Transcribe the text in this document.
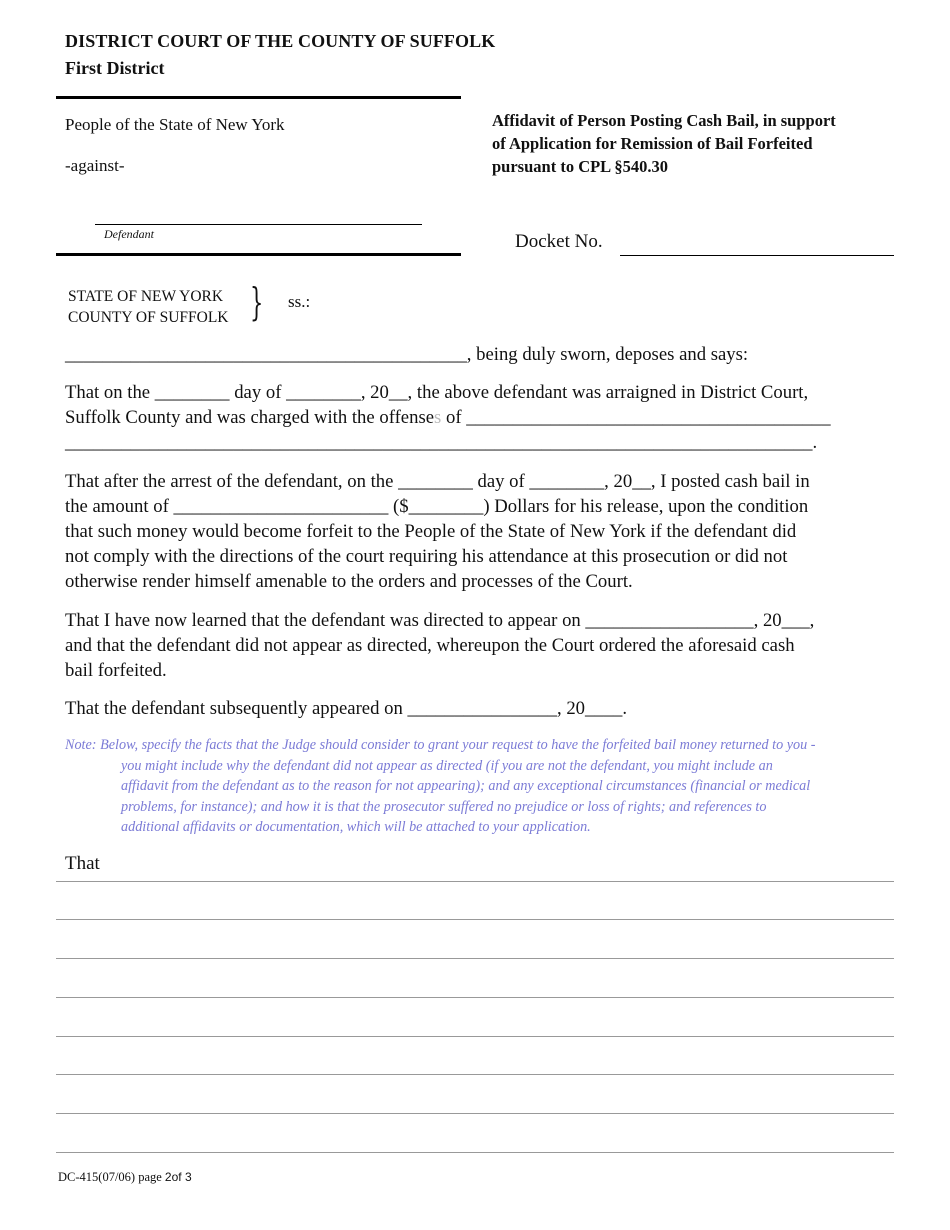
DISTRICT COURT OF THE COUNTY OF SUFFOLK
First District
People of the State of New York
-against-
Defendant
Affidavit of Person Posting Cash Bail, in support
of Application for Remission of Bail Forfeited
pursuant to CPL §540.30
Docket No.
STATE OF NEW YORK
COUNTY OF SUFFOLK } ss.:
___________________________________________, being duly sworn, deposes and says:
That on the ________ day of ________, 20__, the above defendant was arraigned in District Court,
Suffolk County and was charged with the offenses of _______________________________________
________________________________________________________________________________.
That after the arrest of the defendant, on the ________ day of ________, 20__, I posted cash bail in
the amount of _______________________ ($________) Dollars for his release, upon the condition
that such money would become forfeit to the People of the State of New York if the defendant did
not comply with the directions of the court requiring his attendance at this prosecution or did not
otherwise render himself amenable to the orders and processes of the Court.
That I have now learned that the defendant was directed to appear on __________________, 20___,
and that the defendant did not appear as directed, whereupon the Court ordered the aforesaid cash
bail forfeited.
That the defendant subsequently appeared on ________________, 20____.
Note: Below, specify the facts that the Judge should consider to grant your request to have the forfeited bail money returned to you -
you might include why the defendant did not appear as directed (if you are not the defendant, you might include an
affidavit from the defendant as to the reason for not appearing); and any exceptional circumstances (financial or medical
problems, for instance); and how it is that the prosecutor suffered no prejudice or loss of rights; and references to
additional affidavits or documentation, which will be attached to your application.
That
DC-415(07/06) page 2of 3
